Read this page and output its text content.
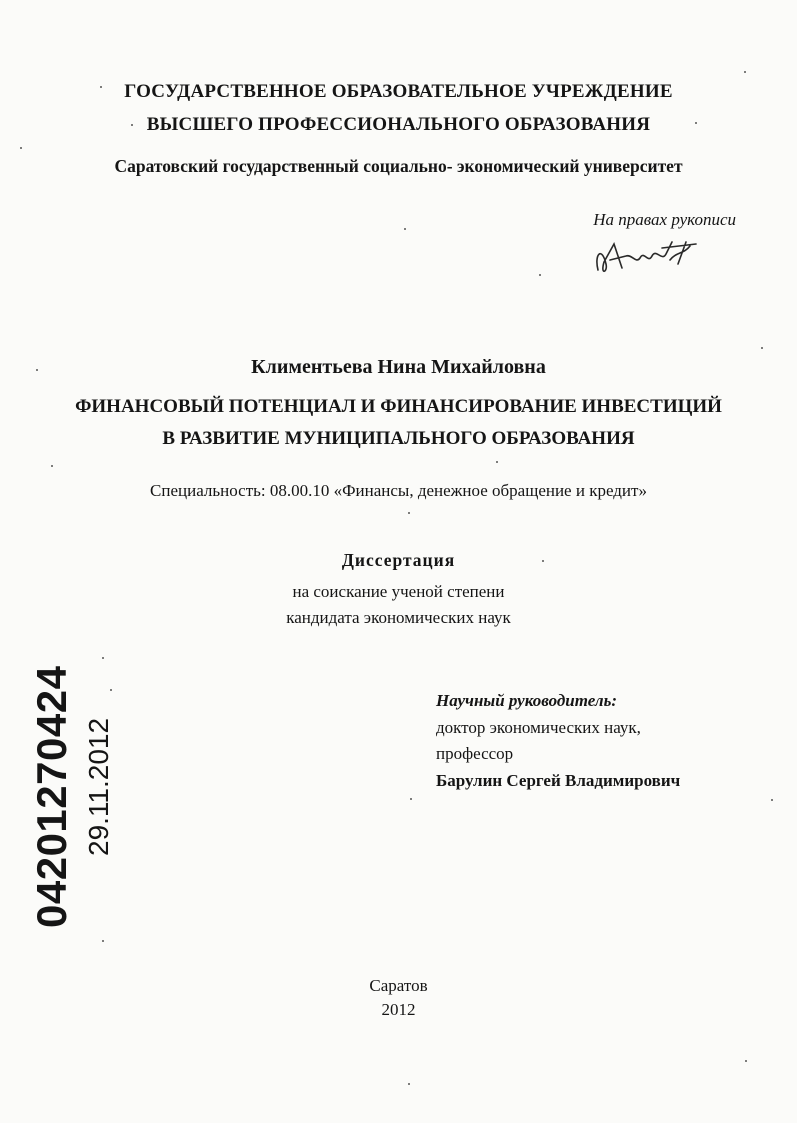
ГОСУДАРСТВЕННОЕ ОБРАЗОВАТЕЛЬНОЕ УЧРЕЖДЕНИЕ
ВЫСШЕГО ПРОФЕССИОНАЛЬНОГО ОБРАЗОВАНИЯ
Саратовский государственный социально- экономический университет
На правах рукописи
Климентьева Нина Михайловна
ФИНАНСОВЫЙ ПОТЕНЦИАЛ И ФИНАНСИРОВАНИЕ ИНВЕСТИЦИЙ
В РАЗВИТИЕ МУНИЦИПАЛЬНОГО ОБРАЗОВАНИЯ
Специальность: 08.00.10 «Финансы, денежное обращение и кредит»
Диссертация
на соискание ученой степени
кандидата экономических наук
Научный руководитель:
доктор экономических наук,
профессор
Барулин Сергей Владимирович
Саратов
2012
04201270424 29.11.2012
